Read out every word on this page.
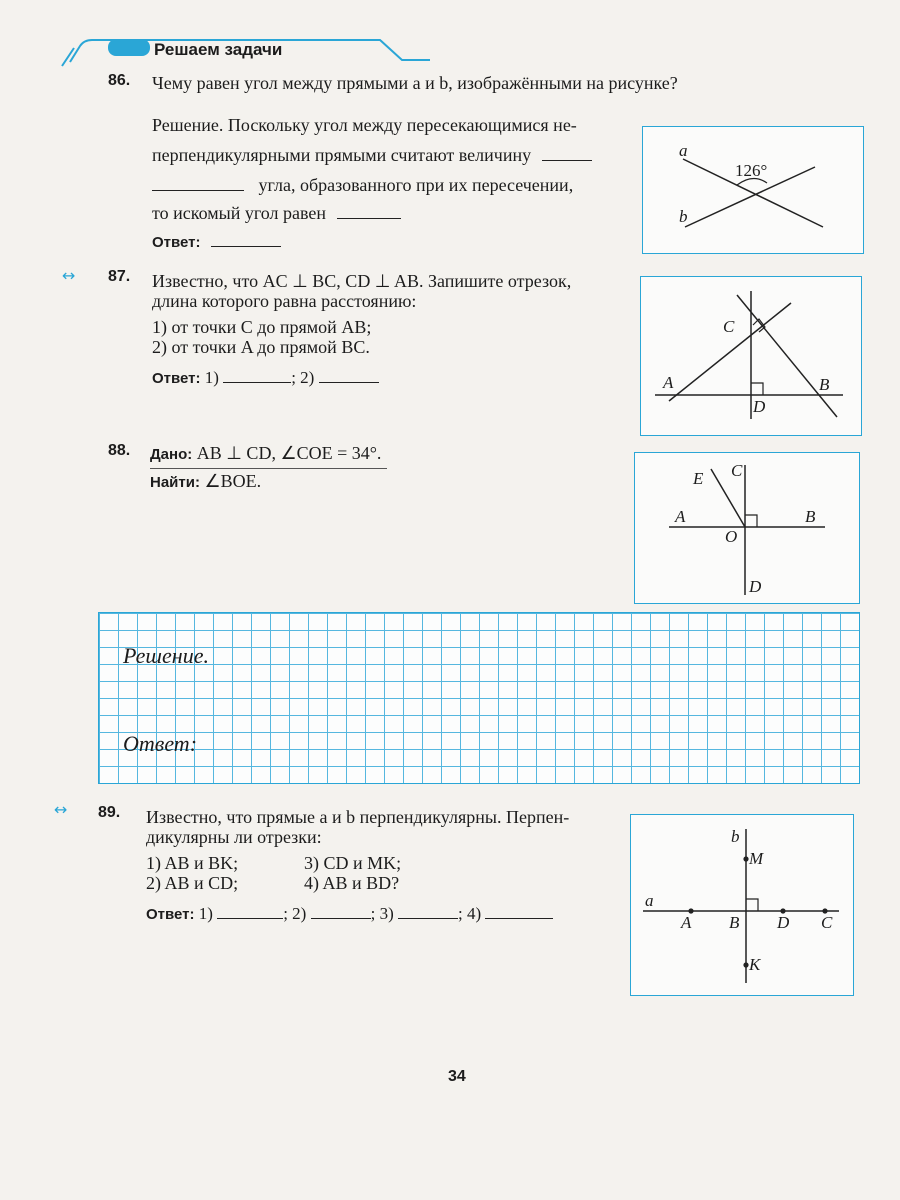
Решаем задачи
86. Чему равен угол между прямыми a и b, изображёнными на рисунке?
Решение. Поскольку угол между пересекающимися не-
перпендикулярными прямыми считают величину
угла, образованного при их пересечении,
то искомый угол равен
Ответ:
a
b
126°
↔ 87. Известно, что AC ⊥ BC, CD ⊥ AB. Запишите отрезок,
длина которого равна расстоянию:
1) от точки C до прямой AB;
2) от точки A до прямой BC.
Ответ: 1)	; 2)
C
A	B
D
88. Дано: AB ⊥ CD, ∠COE = 34°.
Найти: ∠BOE.
C
E
A	B
O
D
Решение.
Ответ:
↔ 89. Известно, что прямые a и b перпендикулярны. Перпен-
дикулярны ли отрезки:
1) AB и BK;
2) AB и CD;
3) CD и MK;
4) AB и BD?
Ответ: 1)	; 2)	; 3)	; 4)
b
M
a
A B D C
K
34
